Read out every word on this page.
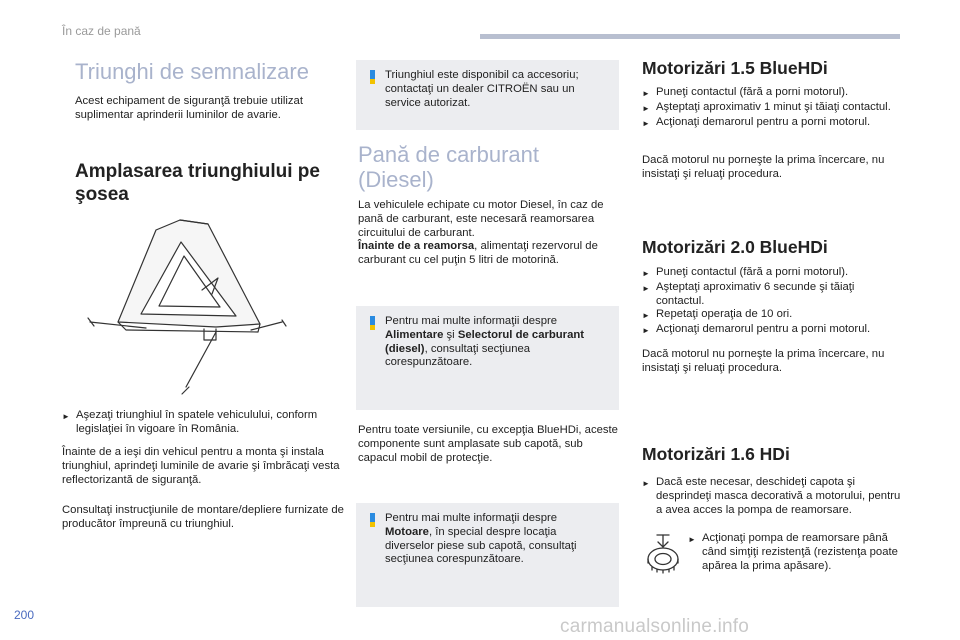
În caz de pană
Triunghi de semnalizare
Acest echipament de siguranţă trebuie utilizat suplimentar aprinderii luminilor de avarie.
Amplasarea triunghiului pe şosea
► Aşezaţi triunghiul în spatele vehiculului, conform legislaţiei în vigoare în România.
Înainte de a ieşi din vehicul pentru a monta şi instala triunghiul, aprindeţi luminile de avarie şi îmbrăcaţi vesta reflectorizantă de siguranţă.
Consultaţi instrucţiunile de montare/depliere furnizate de producător împreună cu triunghiul.
Triunghiul este disponibil ca accesoriu; contactaţi un dealer CITROËN sau un service autorizat.
Pană de carburant (Diesel)
La vehiculele echipate cu motor Diesel, în caz de pană de carburant, este necesară reamorsarea circuitului de carburant.
Înainte de a reamorsa, alimentaţi rezervorul de carburant cu cel puţin 5 litri de motorină.
Pentru mai multe informaţii despre Alimentare şi Selectorul de carburant (diesel), consultaţi secţiunea corespunzătoare.
Pentru toate versiunile, cu excepţia BlueHDi, aceste componente sunt amplasate sub capotă, sub capacul mobil de protecţie.
Pentru mai multe informaţii despre Motoare, în special despre locaţia diverselor piese sub capotă, consultaţi secţiunea corespunzătoare.
Motorizări 1.5 BlueHDi
► Puneţi contactul (fără a porni motorul).
► Aşteptaţi aproximativ 1 minut şi tăiaţi contactul.
► Acţionaţi demarorul pentru a porni motorul.
Dacă motorul nu porneşte la prima încercare, nu insistaţi şi reluaţi procedura.
Motorizări 2.0 BlueHDi
► Puneţi contactul (fără a porni motorul).
► Aşteptaţi aproximativ 6 secunde şi tăiaţi contactul.
► Repetaţi operaţia de 10 ori.
► Acţionaţi demarorul pentru a porni motorul.
Dacă motorul nu porneşte la prima încercare, nu insistaţi şi reluaţi procedura.
Motorizări 1.6 HDi
► Dacă este necesar, deschideţi capota şi desprindeţi masca decorativă a motorului, pentru a avea acces la pompa de reamorsare.
► Acţionaţi pompa de reamorsare până când simţiţi rezistenţă (rezistenţa poate apărea la prima apăsare).
200
carmanualsonline.info
